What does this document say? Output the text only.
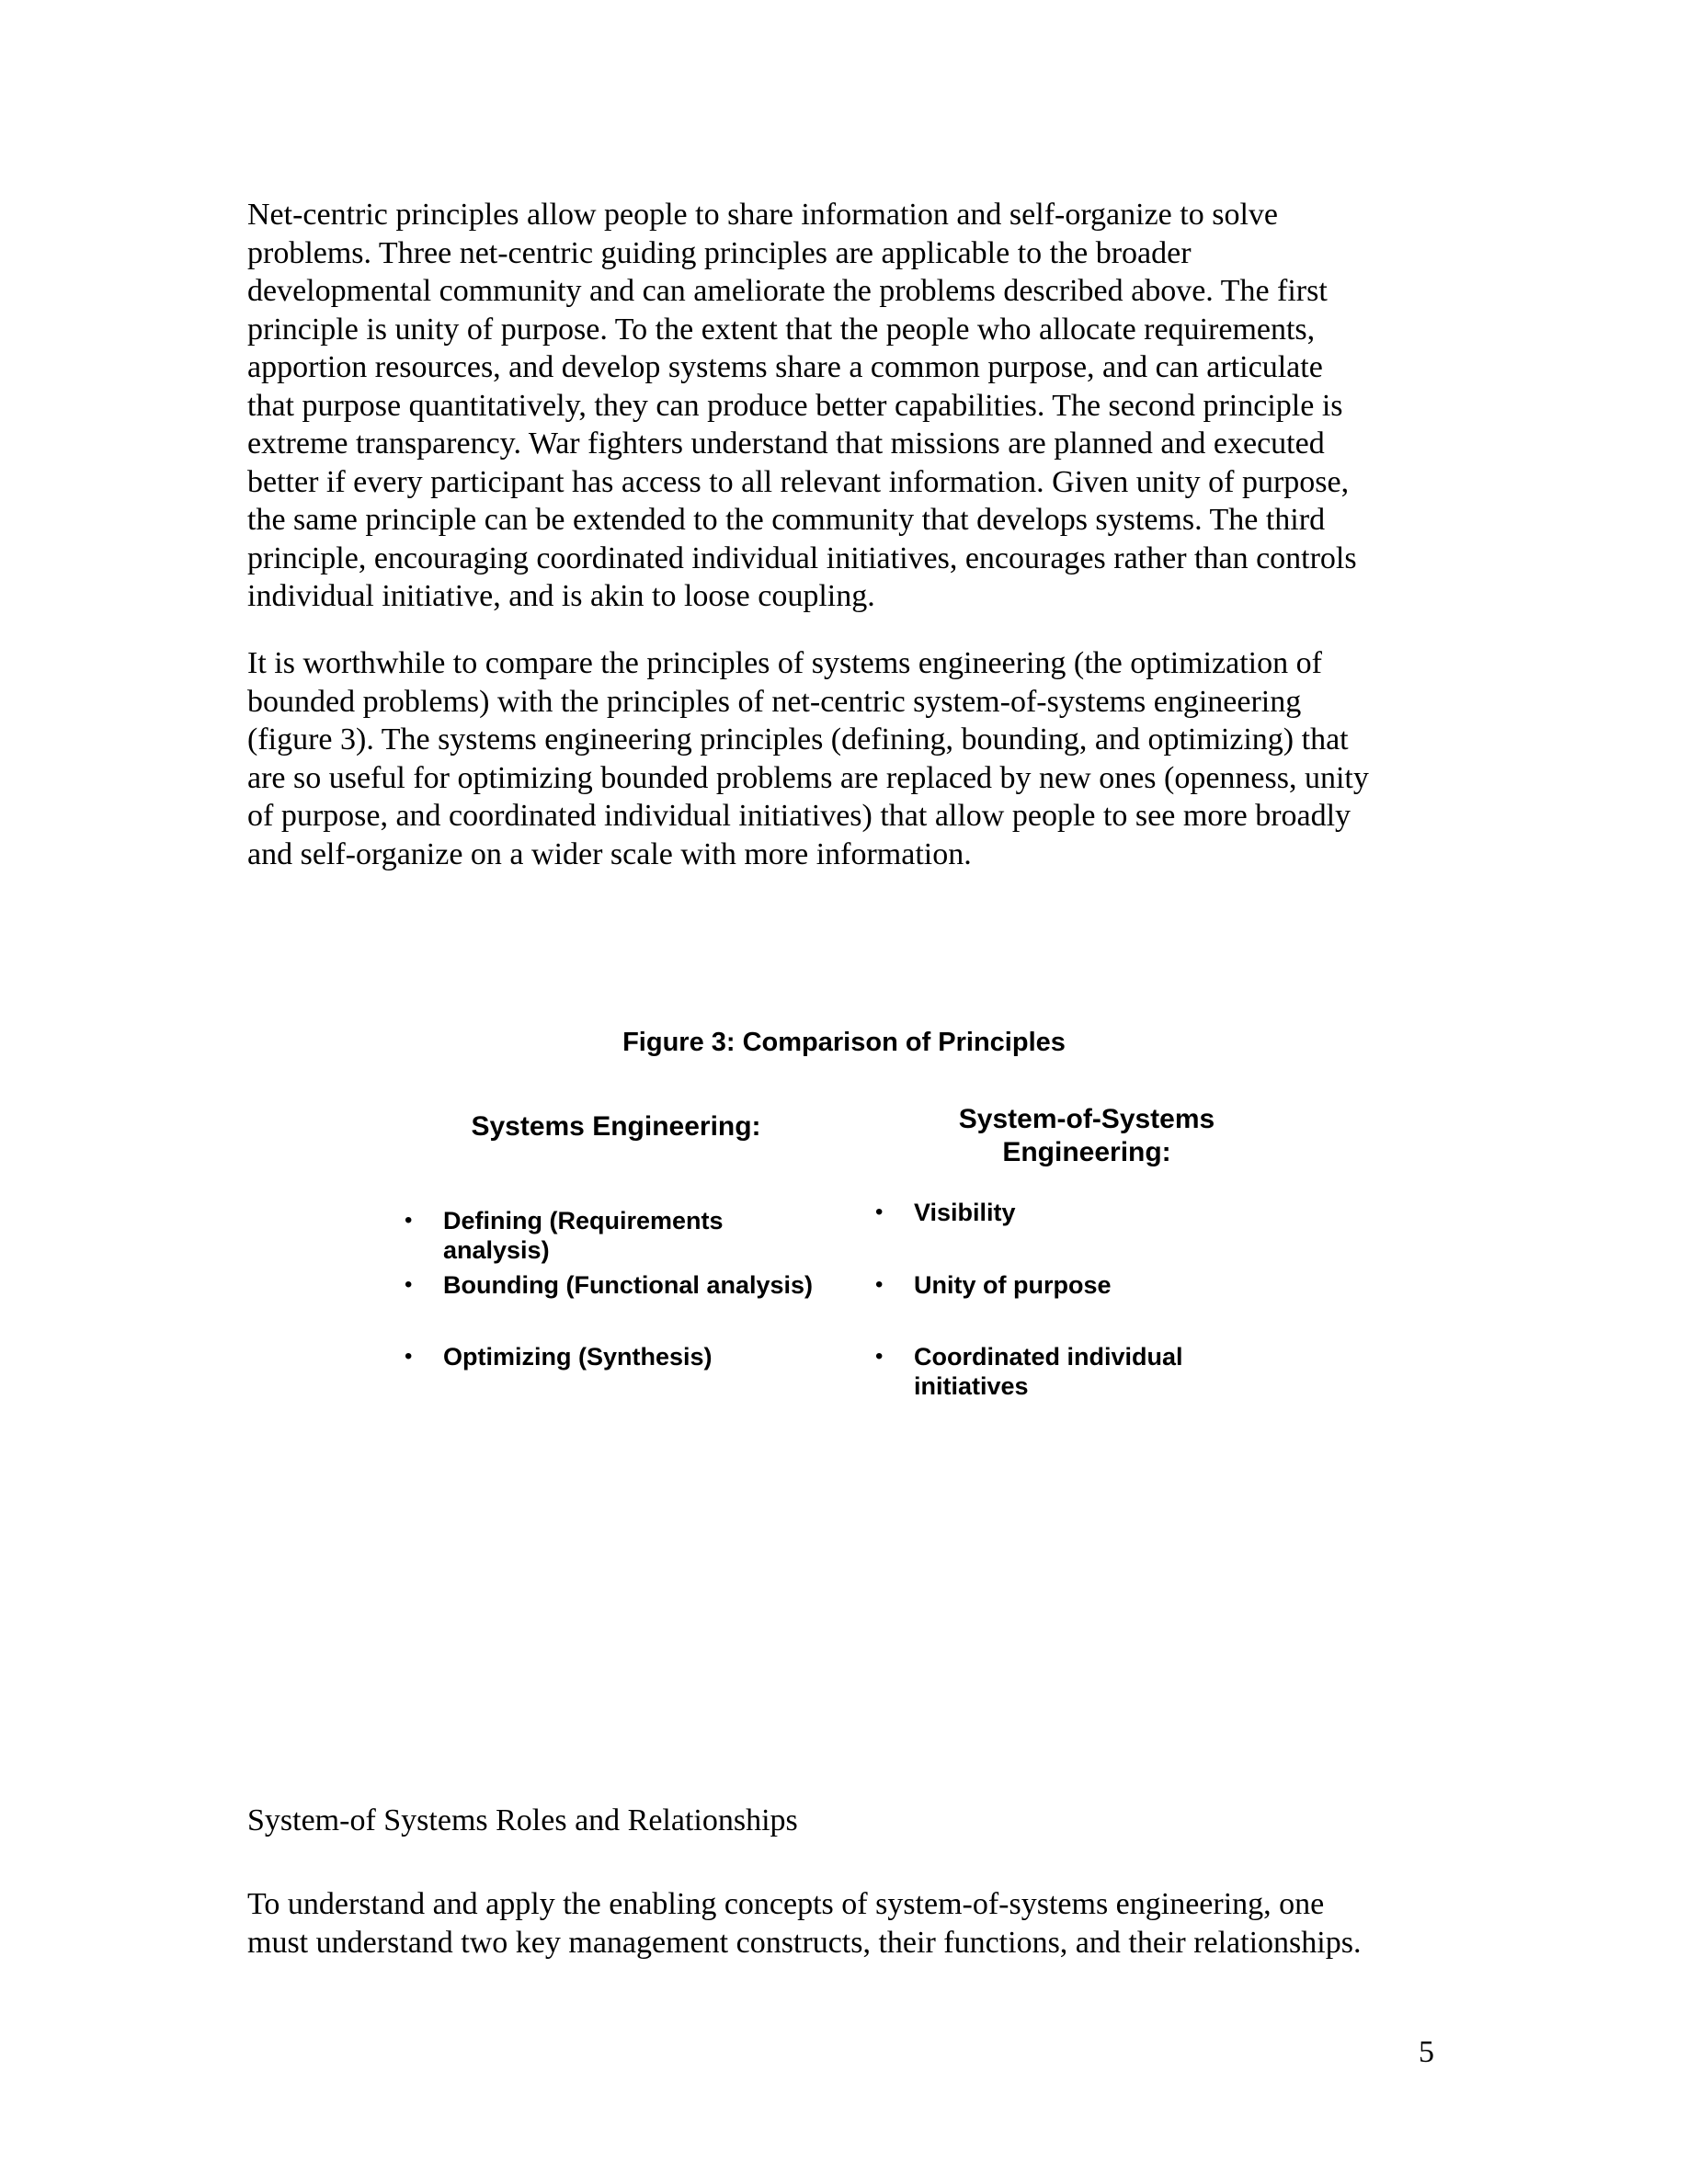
Net-centric principles allow people to share information and self-organize to solve
problems. Three net-centric guiding principles are applicable to the broader
developmental community and can ameliorate the problems described above. The first
principle is unity of purpose. To the extent that the people who allocate requirements,
apportion resources, and develop systems share a common purpose, and can articulate
that purpose quantitatively, they can produce better capabilities. The second principle is
extreme transparency. War fighters understand that missions are planned and executed
better if every participant has access to all relevant information. Given unity of purpose,
the same principle can be extended to the community that develops systems. The third
principle, encouraging coordinated individual initiatives, encourages rather than controls
individual initiative, and is akin to loose coupling.

It is worthwhile to compare the principles of systems engineering (the optimization of
bounded problems) with the principles of net-centric system-of-systems engineering
(figure 3). The systems engineering principles (defining, bounding, and optimizing) that
are so useful for optimizing bounded problems are replaced by new ones (openness, unity
of purpose, and coordinated individual initiatives) that allow people to see more broadly
and self-organize on a wider scale with more information.

Figure 3: Comparison of Principles

Systems Engineering:	System-of-Systems
Engineering:

• Defining (Requirements analysis)
• Bounding (Functional analysis)
• Optimizing (Synthesis)
• Visibility
• Unity of purpose
• Coordinated individual initiatives
System-of Systems Roles and Relationships

To understand and apply the enabling concepts of system-of-systems engineering, one
must understand two key management constructs, their functions, and their relationships.

5
